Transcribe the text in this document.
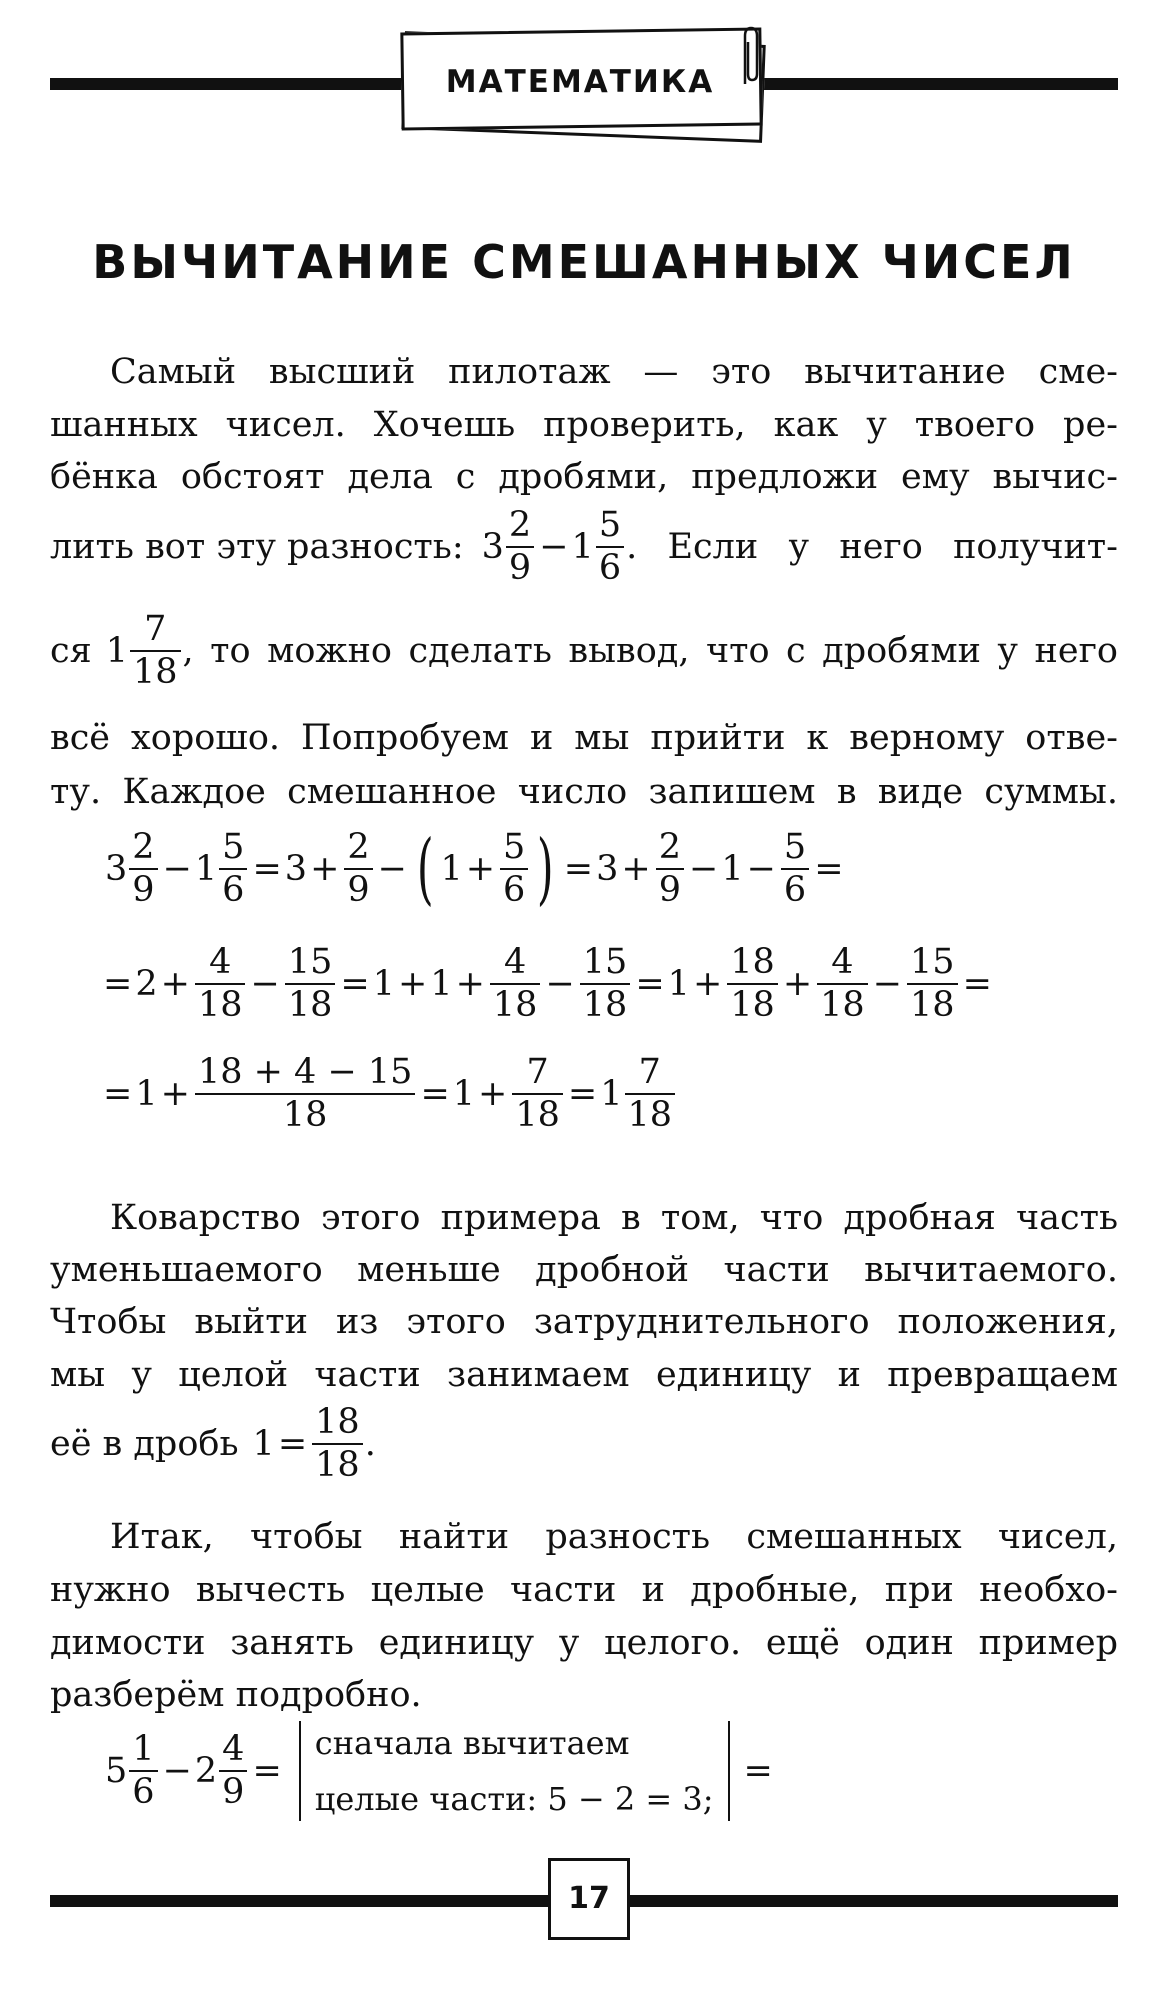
МАТЕМАТИКА
ВЫЧИТАНИЕ СМЕШАННЫХ ЧИСЕЛ
Самый высший пилотаж — это вычитание сме-
шанных чисел. Хочешь проверить, как у твоего ре-
бёнка обстоят дела с дробями, предложи ему вычис-
лить вот эту разность: $3 \frac{2}{9} - 1 \frac{5}{6}$ . Если у него получит-
ся $1 \frac{7}{18}$ , то можно сделать вывод, что с дробями у него
всё хорошо. Попробуем и мы прийти к верному отве-
ту. Каждое смешанное число запишем в виде суммы.
$3 \frac{2}{9} - 1 \frac{5}{6} = 3 + \frac{2}{9}$ − ( $1 + \frac{5}{6}$ ) = $3 + \frac{2}{9} - 1 - \frac{5}{6}$ =
= $2 + \frac{4}{18} - \frac{15}{18} = 1 + 1 + \frac{4}{18} - \frac{15}{18} = 1 + \frac{18}{18} + \frac{4}{18} - \frac{15}{18}$ =
= $1 + \frac{18 + 4 - 15}{18} = 1 + \frac{7}{18} = 1 \frac{7}{18}$
Коварство этого примера в том, что дробная часть
уменьшаемого меньше дробной части вычитаемого.
Чтобы выйти из этого затруднительного положения,
мы у целой части занимаем единицу и превращаем
её в дробь $1 = \frac{18}{18}$ .
Итак, чтобы найти разность смешанных чисел,
нужно вычесть целые части и дробные, при необхо-
димости занять единицу у целого. ещё один пример
разберём подробно.
$5 \frac{1}{6} - 2 \frac{4}{9}$ =
сначала вычитаем
целые части: 5 − 2 = 3;
=
17
